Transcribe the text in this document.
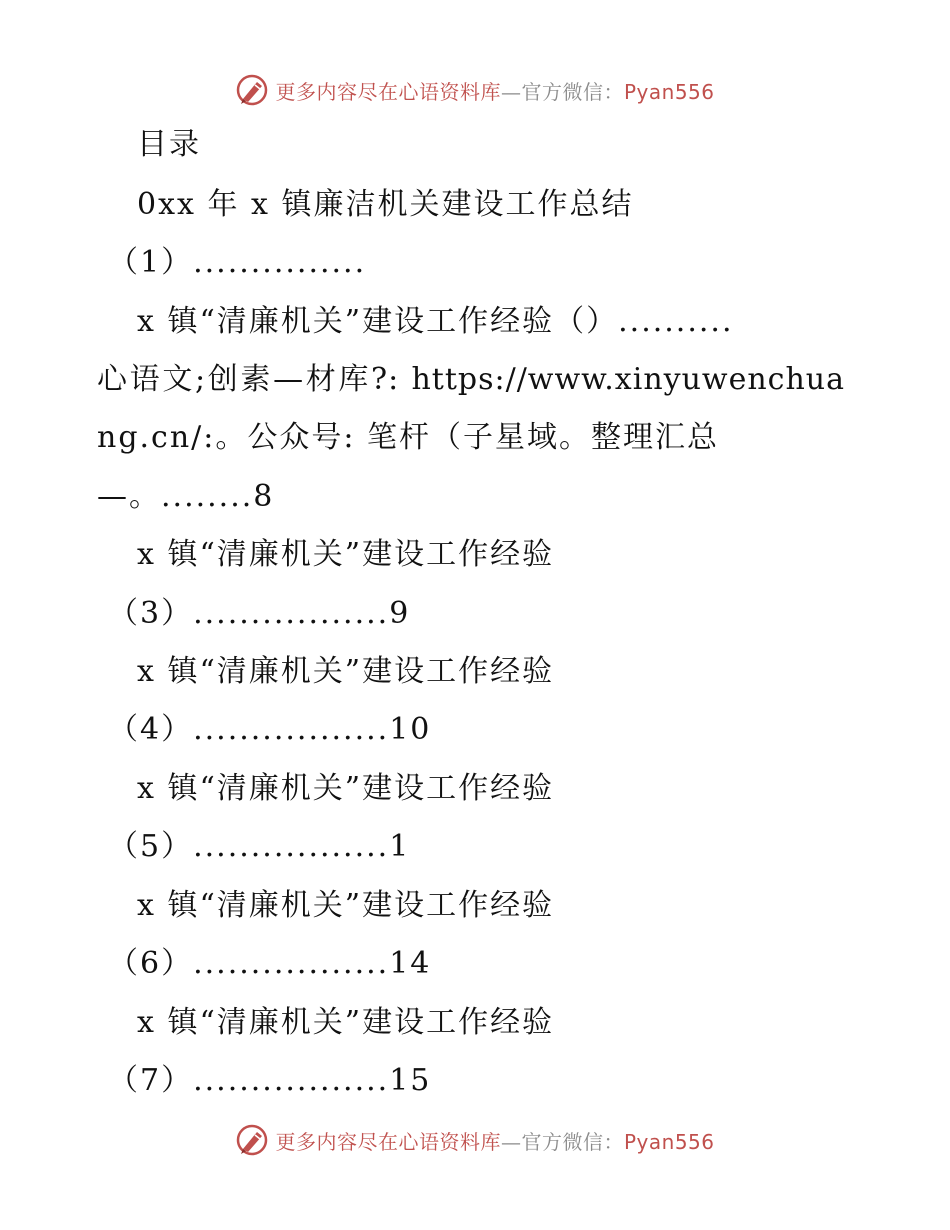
更多内容尽在心语资料库—官方微信：Pyan556
目录
0xx 年 x 镇廉洁机关建设工作总结
（1）...............
x 镇“清廉机关”建设工作经验（）..........
心语文;创素—材库?: https://www.xinyuwenchua
ng.cn/:。公众号: 笔杆（子星域。整理汇总
—。........8
x 镇“清廉机关”建设工作经验
（3）.................9
x 镇“清廉机关”建设工作经验
（4）.................10
x 镇“清廉机关”建设工作经验
（5）.................1
x 镇“清廉机关”建设工作经验
（6）.................14
x 镇“清廉机关”建设工作经验
（7）.................15
更多内容尽在心语资料库—官方微信：Pyan556
